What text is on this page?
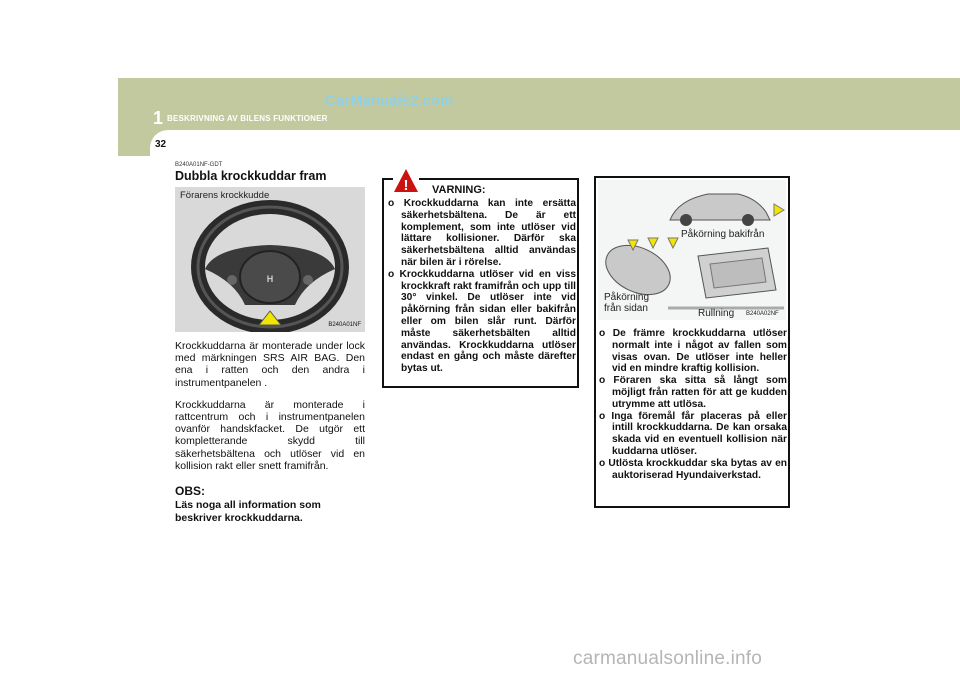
1 BESKRIVNING AV BILENS FUNKTIONER
CarManuals2.com
32
B240A01NF-GDT
Dubbla krockkuddar fram
H
Förarens krockkudde
B240A01NF

Krockkuddarna är monterade under lock med märkningen SRS AIR BAG. Den ena i ratten och den andra i instrumentpanelen .

Krockkuddarna är monterade i rattcentrum och i instrumentpanelen ovanför handskfacket. De utgör ett kompletterande skydd till säkerhetsbältena och utlöser vid en kollision rakt eller snett framifrån.

OBS:
Läs noga all information som beskriver krockkuddarna.
! VARNING:
o Krockkuddarna kan inte ersätta säkerhetsbältena. De är ett komplement, som inte utlöser vid lättare kollisioner. Därför ska säkerhetsbältena alltid användas när bilen är i rörelse.
o Krockkuddarna utlöser vid en viss krockkraft rakt framifrån och upp till 30° vinkel. De utlöser inte vid påkörning från sidan eller bakifrån eller om bilen slår runt. Därför måste säkerhetsbälten alltid användas. Krockkuddarna utlöser endast en gång och måste därefter bytas ut.
Påkörning bakifrån
Påkörning från sidan	Rullning B240A02NF
o De främre krockkuddarna utlöser normalt inte i något av fallen som visas ovan. De utlöser inte heller vid en mindre kraftig kollision.
o Föraren ska sitta så långt som möjligt från ratten för att ge kudden utrymme att utlösa.
o Inga föremål får placeras på eller intill krockkuddarna. De kan orsaka skada vid en eventuell kollision när kuddarna utlöser.
o Utlösta krockkuddar ska bytas av en auktoriserad Hyundaiverkstad.
carmanualsonline.info
